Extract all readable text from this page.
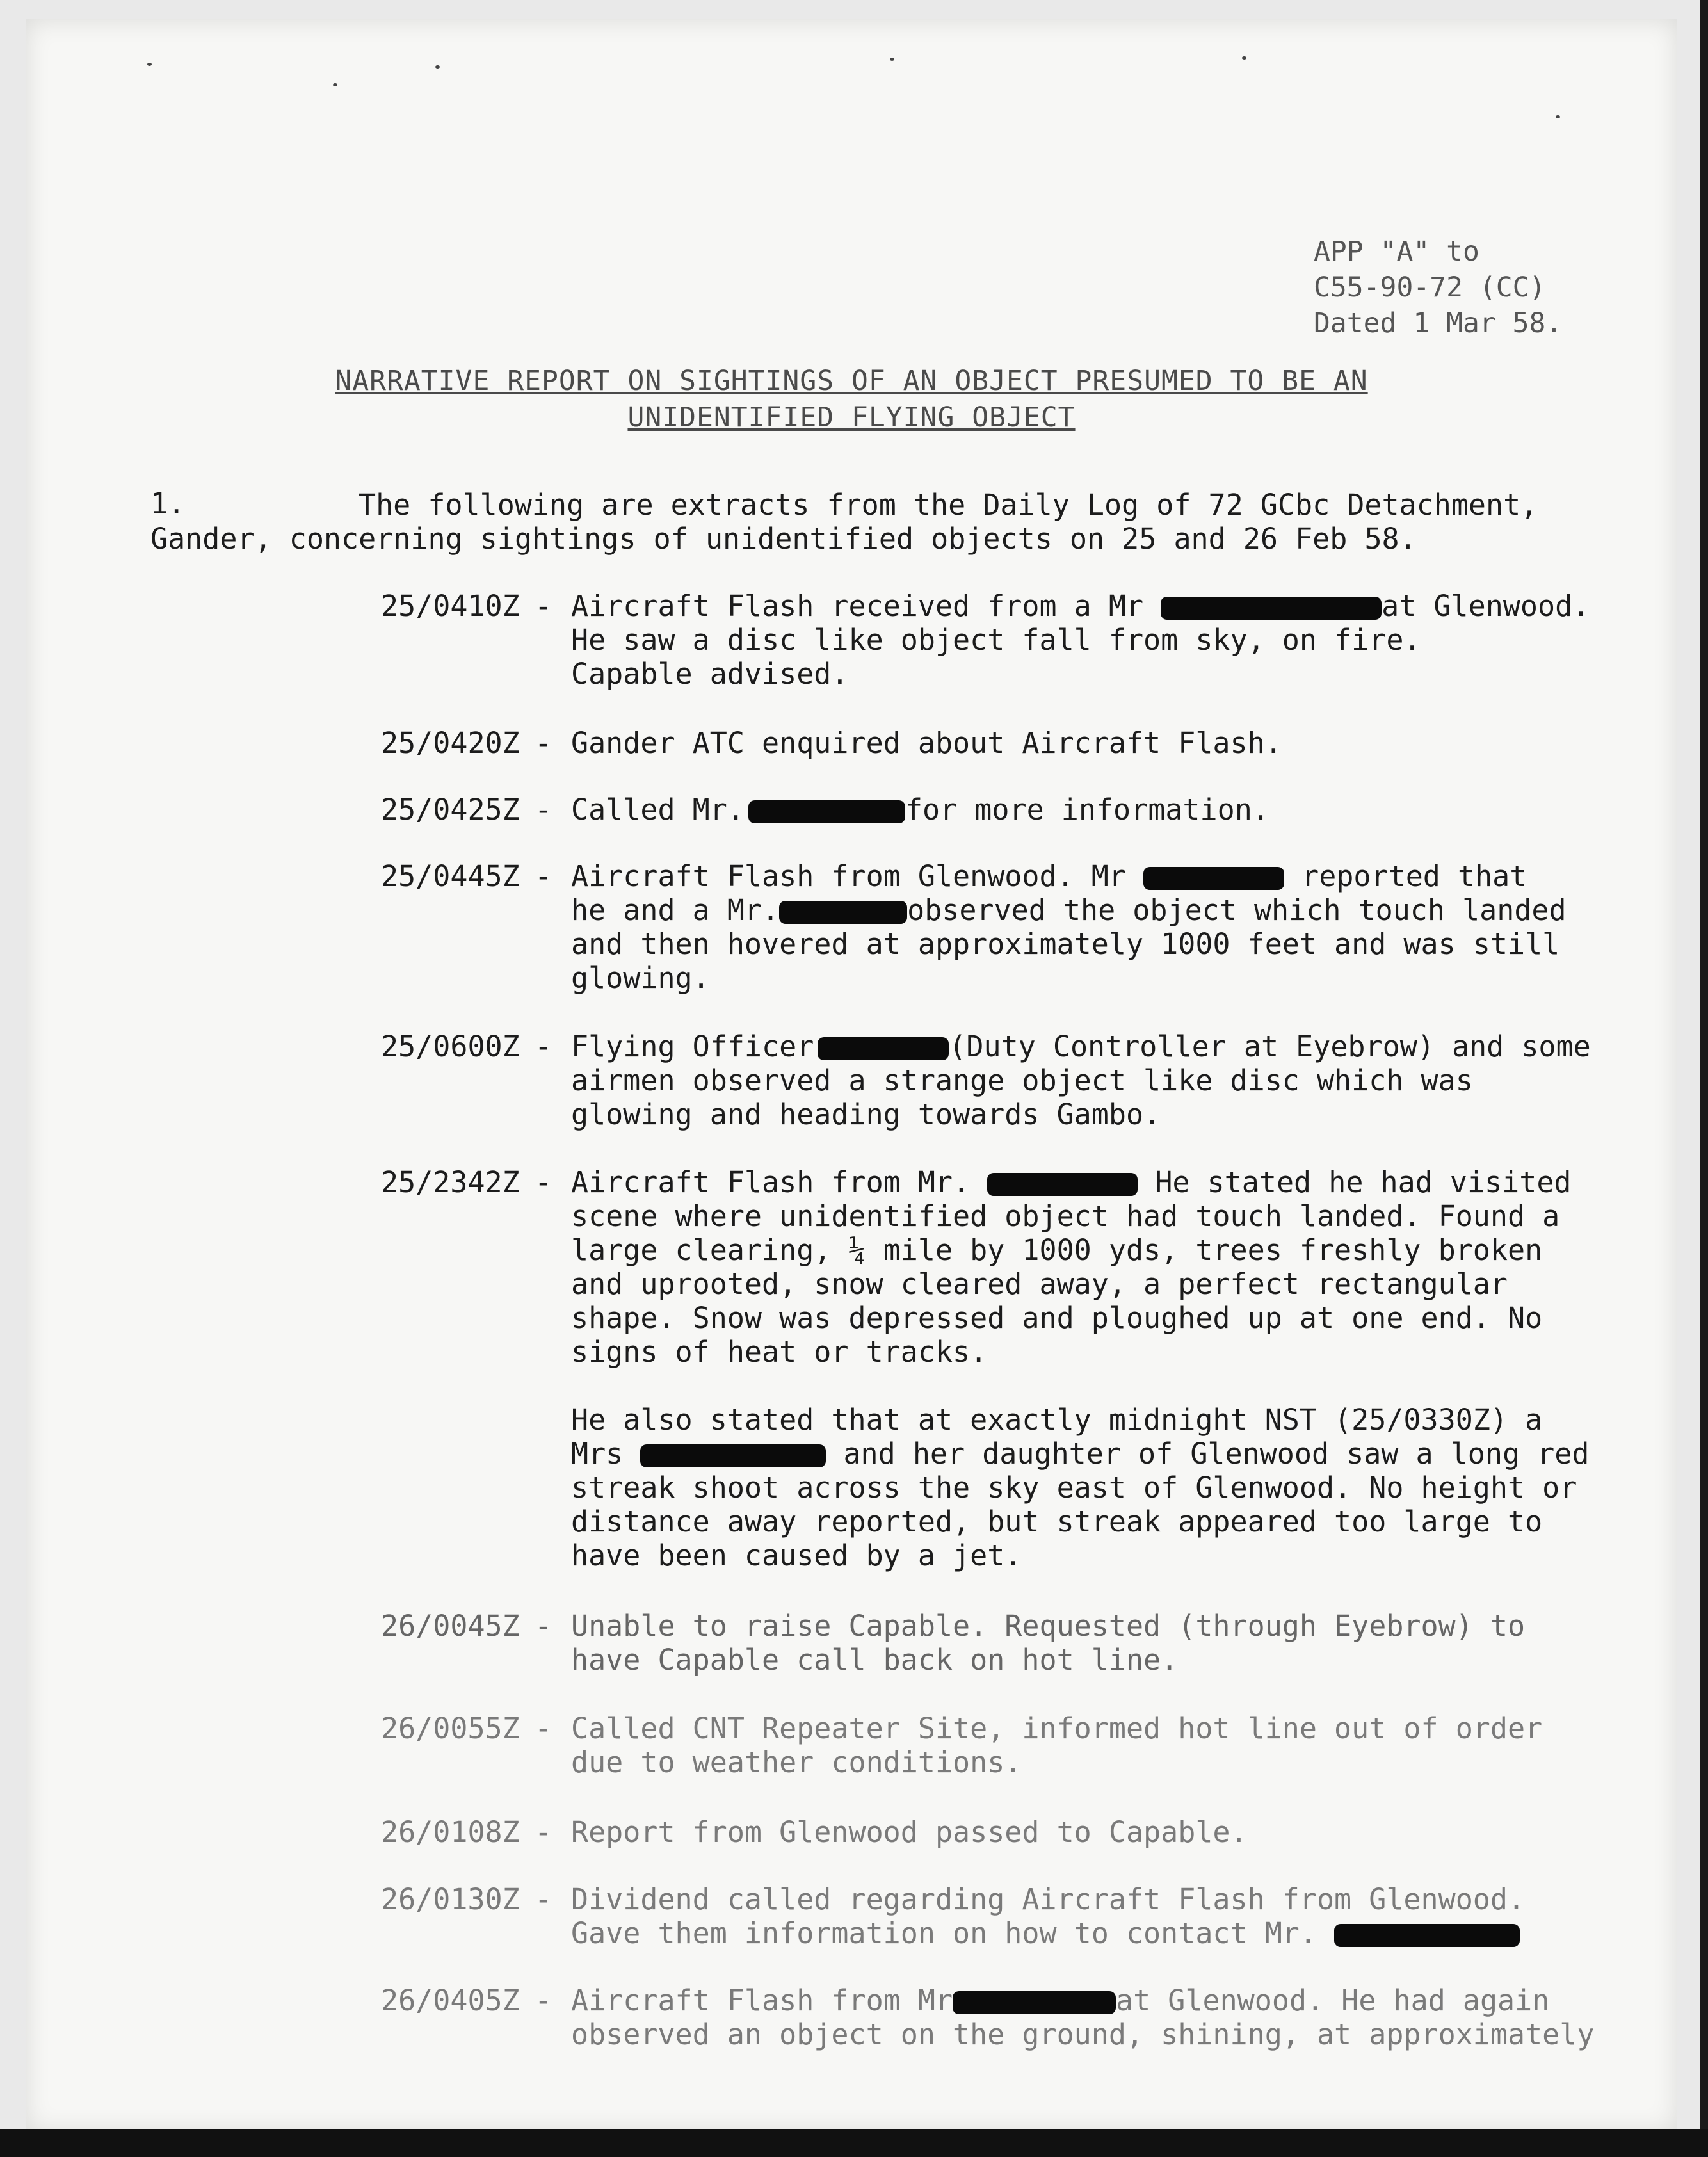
APP "A" to
C55-90-72 (CC)
Dated 1 Mar 58.
NARRATIVE REPORT ON SIGHTINGS OF AN OBJECT PRESUMED TO BE AN
UNIDENTIFIED FLYING OBJECT
1.	The following are extracts from the Daily Log of 72 GCbc Detachment,
Gander, concerning sightings of unidentified objects on 25 and 26 Feb 58.
25/0410Z - Aircraft Flash received from a Mr	at Glenwood.
He saw a disc like object fall from sky, on fire.
Capable advised.
25/0420Z - Gander ATC enquired about Aircraft Flash.
25/0425Z - Called Mr.	for more information.
25/0445Z - Aircraft Flash from Glenwood. Mr	reported that
he and a Mr.	observed the object which touch landed
and then hovered at approximately 1000 feet and was still
glowing.
25/0600Z - Flying Officer	(Duty Controller at Eyebrow) and some
airmen observed a strange object like disc which was
glowing and heading towards Gambo.
25/2342Z - Aircraft Flash from Mr.	He stated he had visited
scene where unidentified object had touch landed. Found a
large clearing, ¼ mile by 1000 yds, trees freshly broken
and uprooted, snow cleared away, a perfect rectangular
shape. Snow was depressed and ploughed up at one end. No
signs of heat or tracks.

He also stated that at exactly midnight NST (25/0330Z) a
Mrs	and her daughter of Glenwood saw a long red
streak shoot across the sky east of Glenwood. No height or
distance away reported, but streak appeared too large to
have been caused by a jet.
26/0045Z - Unable to raise Capable. Requested (through Eyebrow) to
have Capable call back on hot line.
26/0055Z - Called CNT Repeater Site, informed hot line out of order
due to weather conditions.
26/0108Z - Report from Glenwood passed to Capable.
26/0130Z - Dividend called regarding Aircraft Flash from Glenwood.
Gave them information on how to contact Mr.
26/0405Z - Aircraft Flash from Mr	at Glenwood. He had again
observed an object on the ground, shining, at approximately
